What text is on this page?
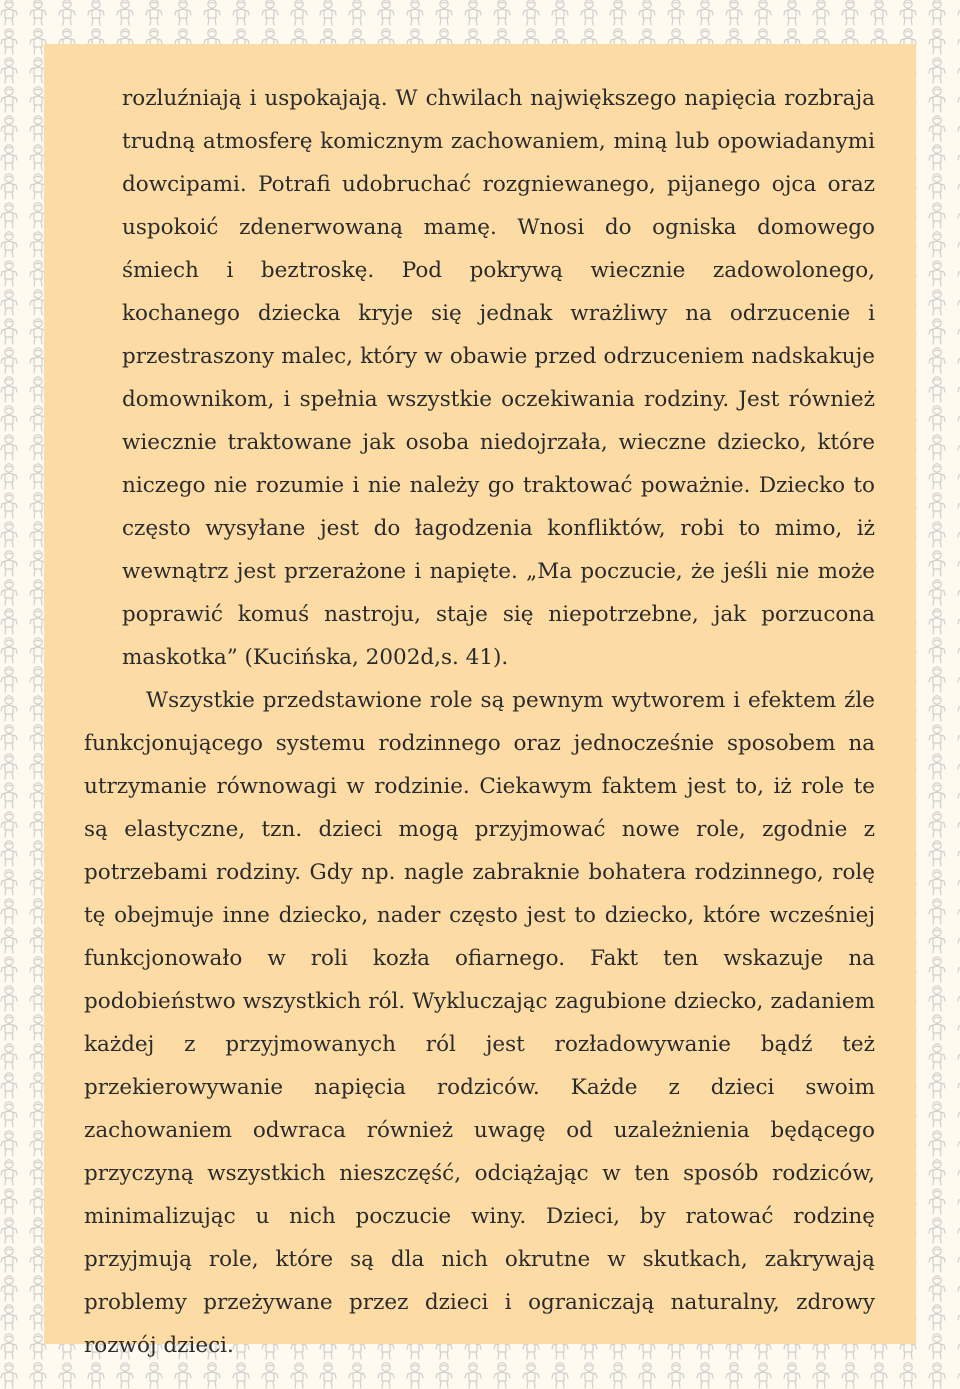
rozluźniają i uspokajają. W chwilach największego napięcia rozbraja trudną atmosferę komicznym zachowaniem, miną lub opowiadanymi dowcipami. Potrafi udobruchać rozgniewanego, pijanego ojca oraz uspokoić zdenerwowaną mamę. Wnosi do ogniska domowego śmiech i beztroskę. Pod pokrywą wiecznie zadowolonego, kochanego dziecka kryje się jednak wrażliwy na odrzucenie i przestraszony malec, który w obawie przed odrzuceniem nadskakuje domownikom, i spełnia wszystkie oczekiwania rodziny. Jest również wiecznie traktowane jak osoba niedojrzała, wieczne dziecko, które niczego nie rozumie i nie należy go traktować poważnie. Dziecko to często wysyłane jest do łagodzenia konfliktów, robi to mimo, iż wewnątrz jest przerażone i napięte. „Ma poczucie, że jeśli nie może poprawić komuś nastroju, staje się niepotrzebne, jak porzucona maskotka” (Kucińska, 2002d,s. 41).

Wszystkie przedstawione role są pewnym wytworem i efektem źle funkcjonującego systemu rodzinnego oraz jednocześnie sposobem na utrzymanie równowagi w rodzinie. Ciekawym faktem jest to, iż role te są elastyczne, tzn. dzieci mogą przyjmować nowe role, zgodnie z potrzebami rodziny. Gdy np. nagle zabraknie bohatera rodzinnego, rolę tę obejmuje inne dziecko, nader często jest to dziecko, które wcześniej funkcjonowało w roli kozła ofiarnego. Fakt ten wskazuje na podobieństwo wszystkich ról. Wykluczając zagubione dziecko, zadaniem każdej z przyjmowanych ról jest rozładowywanie bądź też przekierowywanie napięcia rodziców. Każde z dzieci swoim zachowaniem odwraca również uwagę od uzależnienia będącego przyczyną wszystkich nieszczęść, odciążając w ten sposób rodziców, minimalizując u nich poczucie winy. Dzieci, by ratować rodzinę przyjmują role, które są dla nich okrutne w skutkach, zakrywają problemy przeżywane przez dzieci i ograniczają naturalny, zdrowy rozwój dzieci.
